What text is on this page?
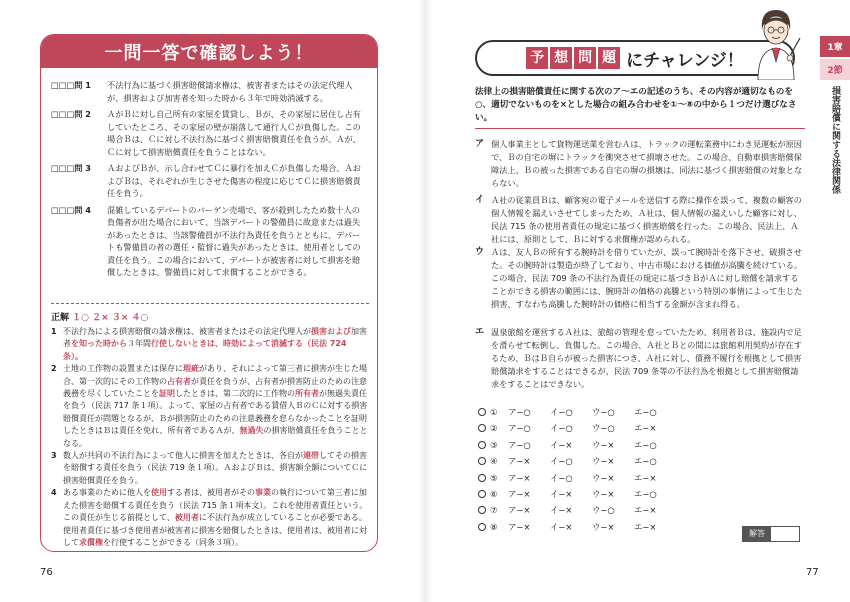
一問一答で確認しよう！
□□□問 1	不法行為に基づく損害賠償請求権は、被害者またはその法定代理人が、損害および加害者を知った時から３年で時効消滅する。
□□□問 2	ＡがＢに対し自己所有の家屋を賃貸し、Ｂが、その家屋に居住し占有していたところ、その家屋の壁が崩落して通行人Ｃが負傷した。この場合Ｂは、Ｃに対し不法行為に基づく損害賠償責任を負うが、Ａが、Ｃに対して損害賠償責任を負うことはない。
□□□問 3	ＡおよびＢが、示し合わせてＣに暴行を加えＣが負傷した場合、ＡおよびＢは、それぞれが生じさせた傷害の程度に応じてＣに損害賠償責任を負う。
□□□問 4	混雑しているデパートのバーゲン売場で、客が殺到したため数十人の負傷者が出た場合において、当該デパートの警備員に故意または過失があったときは、当該警備員が不法行為責任を負うとともに、デパートも警備員の者の選任・監督に過失があったときは、使用者としての責任を負う。この場合において、デパートが被害者に対して損害を賠償したときは、警備員に対して求償することができる。
正解 １○ ２× ３× ４○
1 不法行為による損害賠償の請求権は、被害者またはその法定代理人が損害および加害者を知った時から３年間行使しないときは、時効によって消滅する（民法 724 条）。
2 土地の工作物の設置または保存に瑕疵があり、それによって第三者に損害が生じた場合、第一次的にその工作物の占有者が責任を負うが、占有者が損害防止のための注意義務を尽くしていたことを証明したときは、第二次的に工作物の所有者が無過失責任を負う（民法 717 条１項）。よって、家屋の占有者である賃借人ＢのＣに対する損害賠償責任が問題となるが、Ｂが損害防止のための注意義務を怠らなかったことを証明したときはＢは責任を免れ、所有者であるＡが、無過失の損害賠償責任を負うこととなる。
3 数人が共同の不法行為によって他人に損害を加えたときは、各自が連帯してその損害を賠償する責任を負う（民法 719 条１項）。ＡおよびＢは、損害額全額についてＣに損害賠償責任を負う。
4 ある事業のために他人を使用する者は、被用者がその事業の執行について第三者に加えた損害を賠償する責任を負う（民法 715 条１項本文）。これを使用者責任という。この責任が生じる前提として、被用者に不法行為が成立していることが必要である。使用者責任に基づき使用者が被害者に損害を賠償したときは、使用者は、被用者に対して求償権を行使することができる（同条３項）。
76
予 想 問 題 にチャレンジ！
法律上の損害賠償責任に関する次のア〜エの記述のうち、その内容が適切なものを○、適切でないものを×とした場合の組み合わせを①〜⑧の中から１つだけ選びなさい。
ア 個人事業主として貨物運送業を営むＡは、トラックの運転業務中にわき見運転が原因で、Ｂの自宅の塀にトラックを衝突させて損壊させた。この場合、自動車損害賠償保障法上、Ｂの被った損害である自宅の塀の損壊は、同法に基づく損害賠償の対象とならない。
イ Ａ社の従業員Ｂは、顧客宛の電子メールを送信する際に操作を誤って、複数の顧客の個人情報を漏えいさせてしまったため、Ａ社は、個人情報の漏えいした顧客に対し、民法 715 条の使用者責任の規定に基づく損害賠償を行った。この場合、民法上、Ａ社には、原則として、Ｂに対する求償権が認められる。
ウ Ａは、友人Ｂの所有する腕時計を借りていたが、誤って腕時計を落下させ、破損させた。その腕時計は製造が終了しており、中古市場における価値が高騰を続けている。この場合、民法 709 条の不法行為責任の規定に基づきＢがＡに対し賠償を請求することができる損害の範囲には、腕時計の価格の高騰という特別の事情によって生じた損害、すなわち高騰した腕時計の価格に相当する金額が含まれ得る。
エ 温泉旅館を運営するＡ社は、旅館の管理を怠っていたため、利用者Ｂは、施設内で足を滑らせて転倒し、負傷した。この場合、Ａ社とＢとの間には旅館利用契約が存在するため、ＢはＢ自らが被った損害につき、Ａ社に対し、債務不履行を根拠として損害賠償請求をすることはできるが、民法 709 条等の不法行為を根拠として損害賠償請求をすることはできない。
①	ア−○	イ−○	ウ−○	エ−○
②	ア−○	イ−○	ウ−○	エ−×
③	ア−○	イ−×	ウ−×	エ−○
④	ア−×	イ−○	ウ−×	エ−○
⑤	ア−×	イ−○	ウ−×	エ−×
⑥	ア−×	イ−×	ウ−×	エ−○
⑦	ア−×	イ−×	ウ−○	エ−×
⑧	ア−×	イ−×	ウ−×	エ−×
解答
77
1章
2節
損害賠償に関する法律関係
